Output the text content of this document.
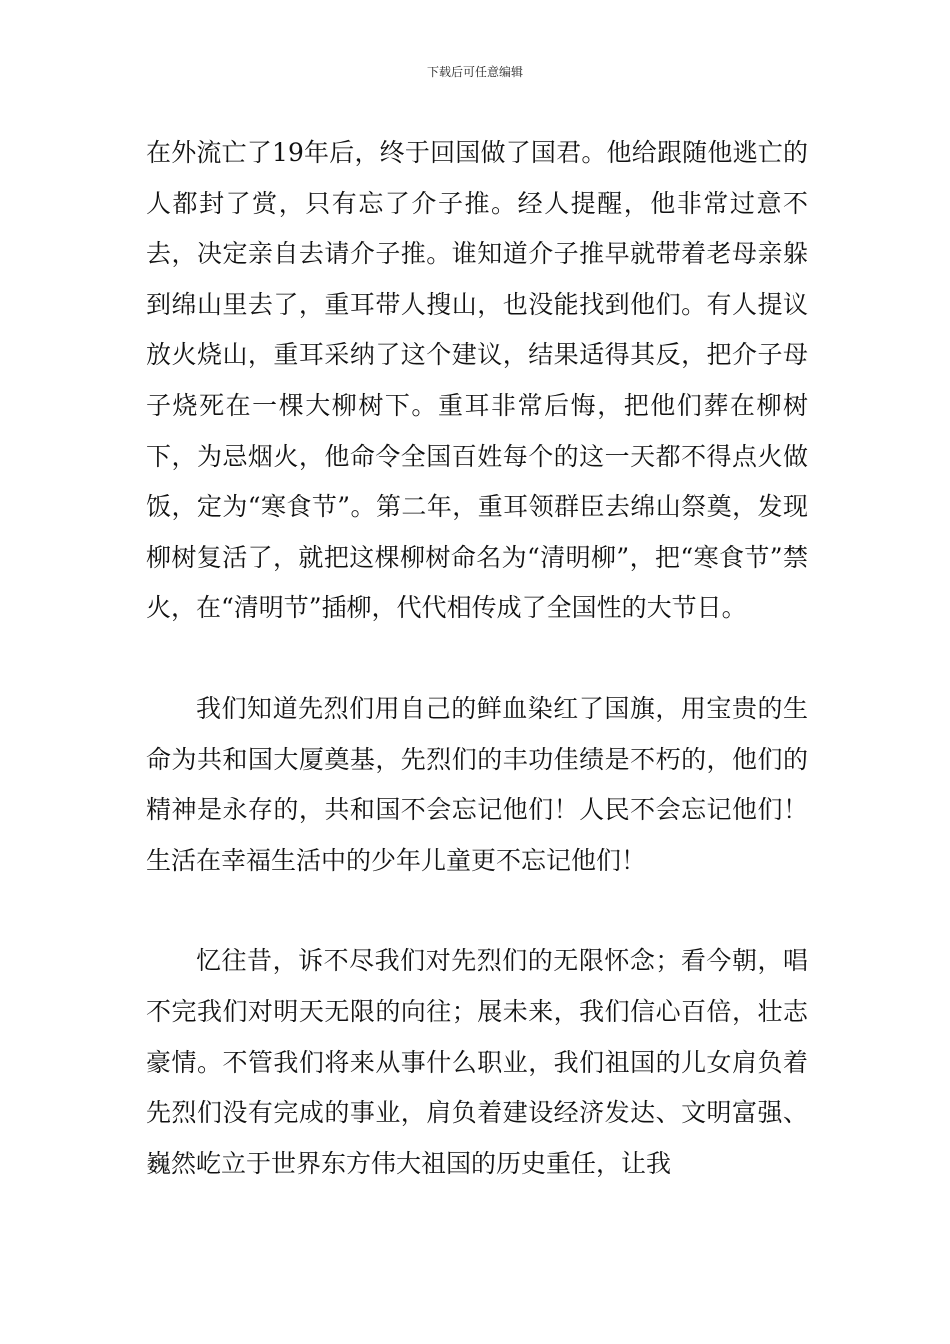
下载后可任意编辑

在外流亡了19年后，终于回国做了国君。他给跟随他逃亡的人都封了赏，只有忘了介子推。经人提醒，他非常过意不去，决定亲自去请介子推。谁知道介子推早就带着老母亲躲到绵山里去了，重耳带人搜山，也没能找到他们。有人提议放火烧山，重耳采纳了这个建议，结果适得其反，把介子母子烧死在一棵大柳树下。重耳非常后悔，把他们葬在柳树下，为忌烟火，他命令全国百姓每个的这一天都不得点火做饭，定为“寒食节”。第二年，重耳领群臣去绵山祭奠，发现柳树复活了，就把这棵柳树命名为“清明柳”，把“寒食节”禁火，在“清明节”插柳，代代相传成了全国性的大节日。

我们知道先烈们用自己的鲜血染红了国旗，用宝贵的生命为共和国大厦奠基，先烈们的丰功佳绩是不朽的，他们的精神是永存的，共和国不会忘记他们！人民不会忘记他们！生活在幸福生活中的少年儿童更不忘记他们！

忆往昔，诉不尽我们对先烈们的无限怀念；看今朝，唱不完我们对明天无限的向往；展未来，我们信心百倍，壮志豪情。不管我们将来从事什么职业，我们祖国的儿女肩负着先烈们没有完成的事业，肩负着建设经济发达、文明富强、巍然屹立于世界东方伟大祖国的历史重任，让我
